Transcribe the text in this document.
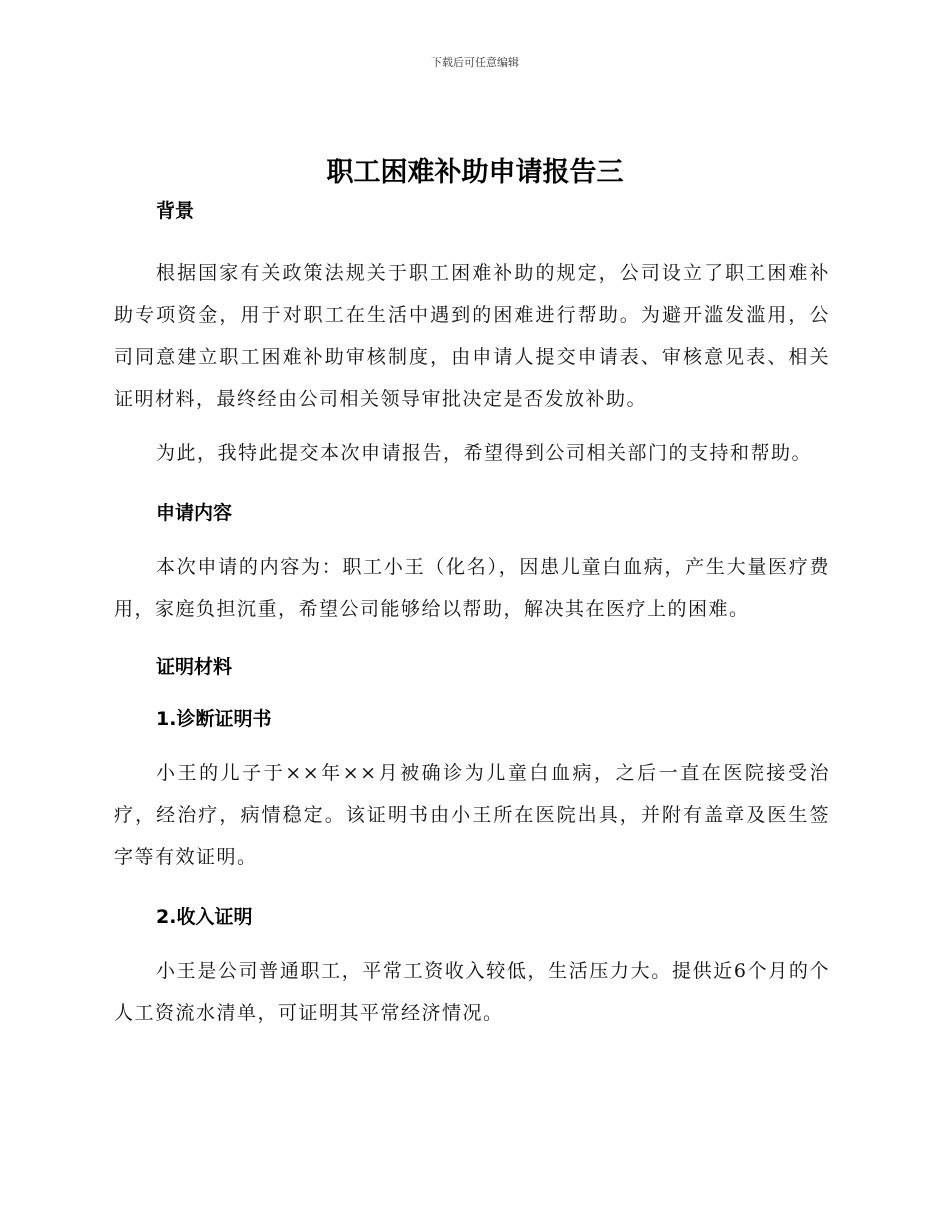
下载后可任意编辑
职工困难补助申请报告三
背景

根据国家有关政策法规关于职工困难补助的规定，公司设立了职工困难补助专项资金，用于对职工在生活中遇到的困难进行帮助。为避开滥发滥用，公司同意建立职工困难补助审核制度，由申请人提交申请表、审核意见表、相关证明材料，最终经由公司相关领导审批决定是否发放补助。

为此，我特此提交本次申请报告，希望得到公司相关部门的支持和帮助。

申请内容

本次申请的内容为：职工小王（化名），因患儿童白血病，产生大量医疗费用，家庭负担沉重，希望公司能够给以帮助，解决其在医疗上的困难。

证明材料
1.诊断证明书

小王的儿子于××年××月被确诊为儿童白血病，之后一直在医院接受治疗，经治疗，病情稳定。该证明书由小王所在医院出具，并附有盖章及医生签字等有效证明。

2.收入证明

小王是公司普通职工，平常工资收入较低，生活压力大。提供近6个月的个人工资流水清单，可证明其平常经济情况。
